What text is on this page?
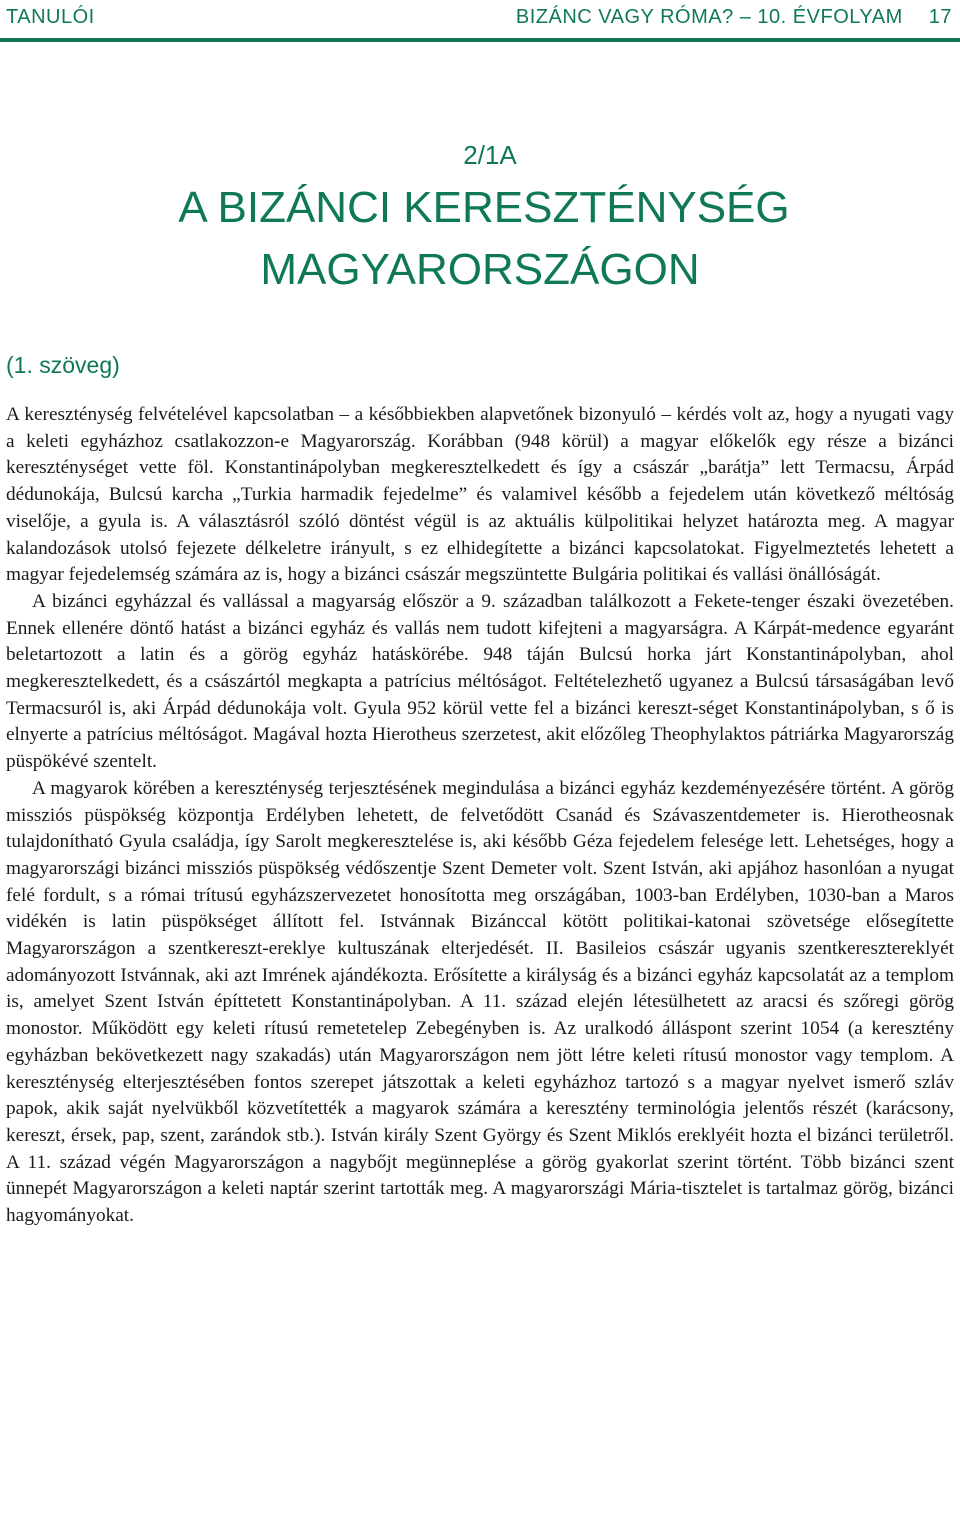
TANULÓI	BIZÁNC VAGY RÓMA? – 10. ÉVFOLYAM 17
2/1A
A BIZÁNCI KERESZTÉNYSÉG
MAGYARORSZÁGON
(1. szöveg)

A kereszténység felvételével kapcsolatban – a későbbiekben alapvetőnek bizonyuló – kérdés volt az, hogy a nyugati vagy a keleti egyházhoz csatlakozzon-e Magyarország. Korábban (948 körül) a magyar előkelők egy része a bizánci kereszténységet vette föl. Konstantinápolyban megkeresztelkedett és így a császár „barátja” lett Termacsu, Árpád dédunokája, Bulcsú karcha „Turkia harmadik fejedelme” és valamivel később a fejedelem után következő méltóság viselője, a gyula is. A választásról szóló döntést végül is az aktuális külpolitikai helyzet határozta meg. A magyar kalandozások utolsó fejezete délkeletre irányult, s ez elhidegítette a bizánci kapcsolatokat. Figyelmeztetés lehetett a magyar fejedelemség számára az is, hogy a bizánci császár megszüntette Bulgária politikai és vallási önállóságát.

A bizánci egyházzal és vallással a magyarság először a 9. században találkozott a Fekete-tenger északi övezetében. Ennek ellenére döntő hatást a bizánci egyház és vallás nem tudott kifejteni a magyarságra. A Kárpát-medence egyaránt beletartozott a latin és a görög egyház hatáskörébe. 948 táján Bulcsú horka járt Konstantinápolyban, ahol megkeresztelkedett, és a császártól megkapta a patrícius méltóságot. Feltételezhető ugyanez a Bulcsú társaságában levő Termacsuról is, aki Árpád dédunokája volt. Gyula 952 körül vette fel a bizánci kereszt-séget Konstantinápolyban, s ő is elnyerte a patrícius méltóságot. Magával hozta Hierotheus szerzetest, akit előzőleg Theophylaktos pátriárka Magyarország püspökévé szentelt.

A magyarok körében a kereszténység terjesztésének megindulása a bizánci egyház kezdeményezésére történt. A görög missziós püspökség központja Erdélyben lehetett, de felvetődött Csanád és Szávaszentdemeter is. Hierotheosnak tulajdonítható Gyula családja, így Sarolt megkeresztelése is, aki később Géza fejedelem felesége lett. Lehetséges, hogy a magyarországi bizánci missziós püspökség védőszentje Szent Demeter volt. Szent István, aki apjához hasonlóan a nyugat felé fordult, s a római trítusú egyházszervezetet honosította meg országában, 1003-ban Erdélyben, 1030-ban a Maros vidékén is latin püspökséget állított fel. Istvánnak Bizánccal kötött politikai-katonai szövetsége elősegítette Magyarországon a szentkereszt-ereklye kultuszának elterjedését. II. Basileios császár ugyanis szentkeresztereklyét adományozott Istvánnak, aki azt Imrének ajándékozta. Erősítette a királyság és a bizánci egyház kapcsolatát az a templom is, amelyet Szent István építtetett Konstantinápolyban. A 11. század elején létesülhetett az aracsi és szőregi görög monostor. Működött egy keleti rítusú remetetelep Zebegényben is. Az uralkodó álláspont szerint 1054 (a keresztény egyházban bekövetkezett nagy szakadás) után Magyarországon nem jött létre keleti rítusú monostor vagy templom. A kereszténység elterjesztésében fontos szerepet játszottak a keleti egyházhoz tartozó s a magyar nyelvet ismerő szláv papok, akik saját nyelvükből közvetítették a magyarok számára a keresztény terminológia jelentős részét (karácsony, kereszt, érsek, pap, szent, zarándok stb.). István király Szent György és Szent Miklós ereklyéit hozta el bizánci területről. A 11. század végén Magyarországon a nagybőjt megünneplése a görög gyakorlat szerint történt. Több bizánci szent ünnepét Magyarországon a keleti naptár szerint tartották meg. A magyarországi Mária-tisztelet is tartalmaz görög, bizánci hagyományokat.
